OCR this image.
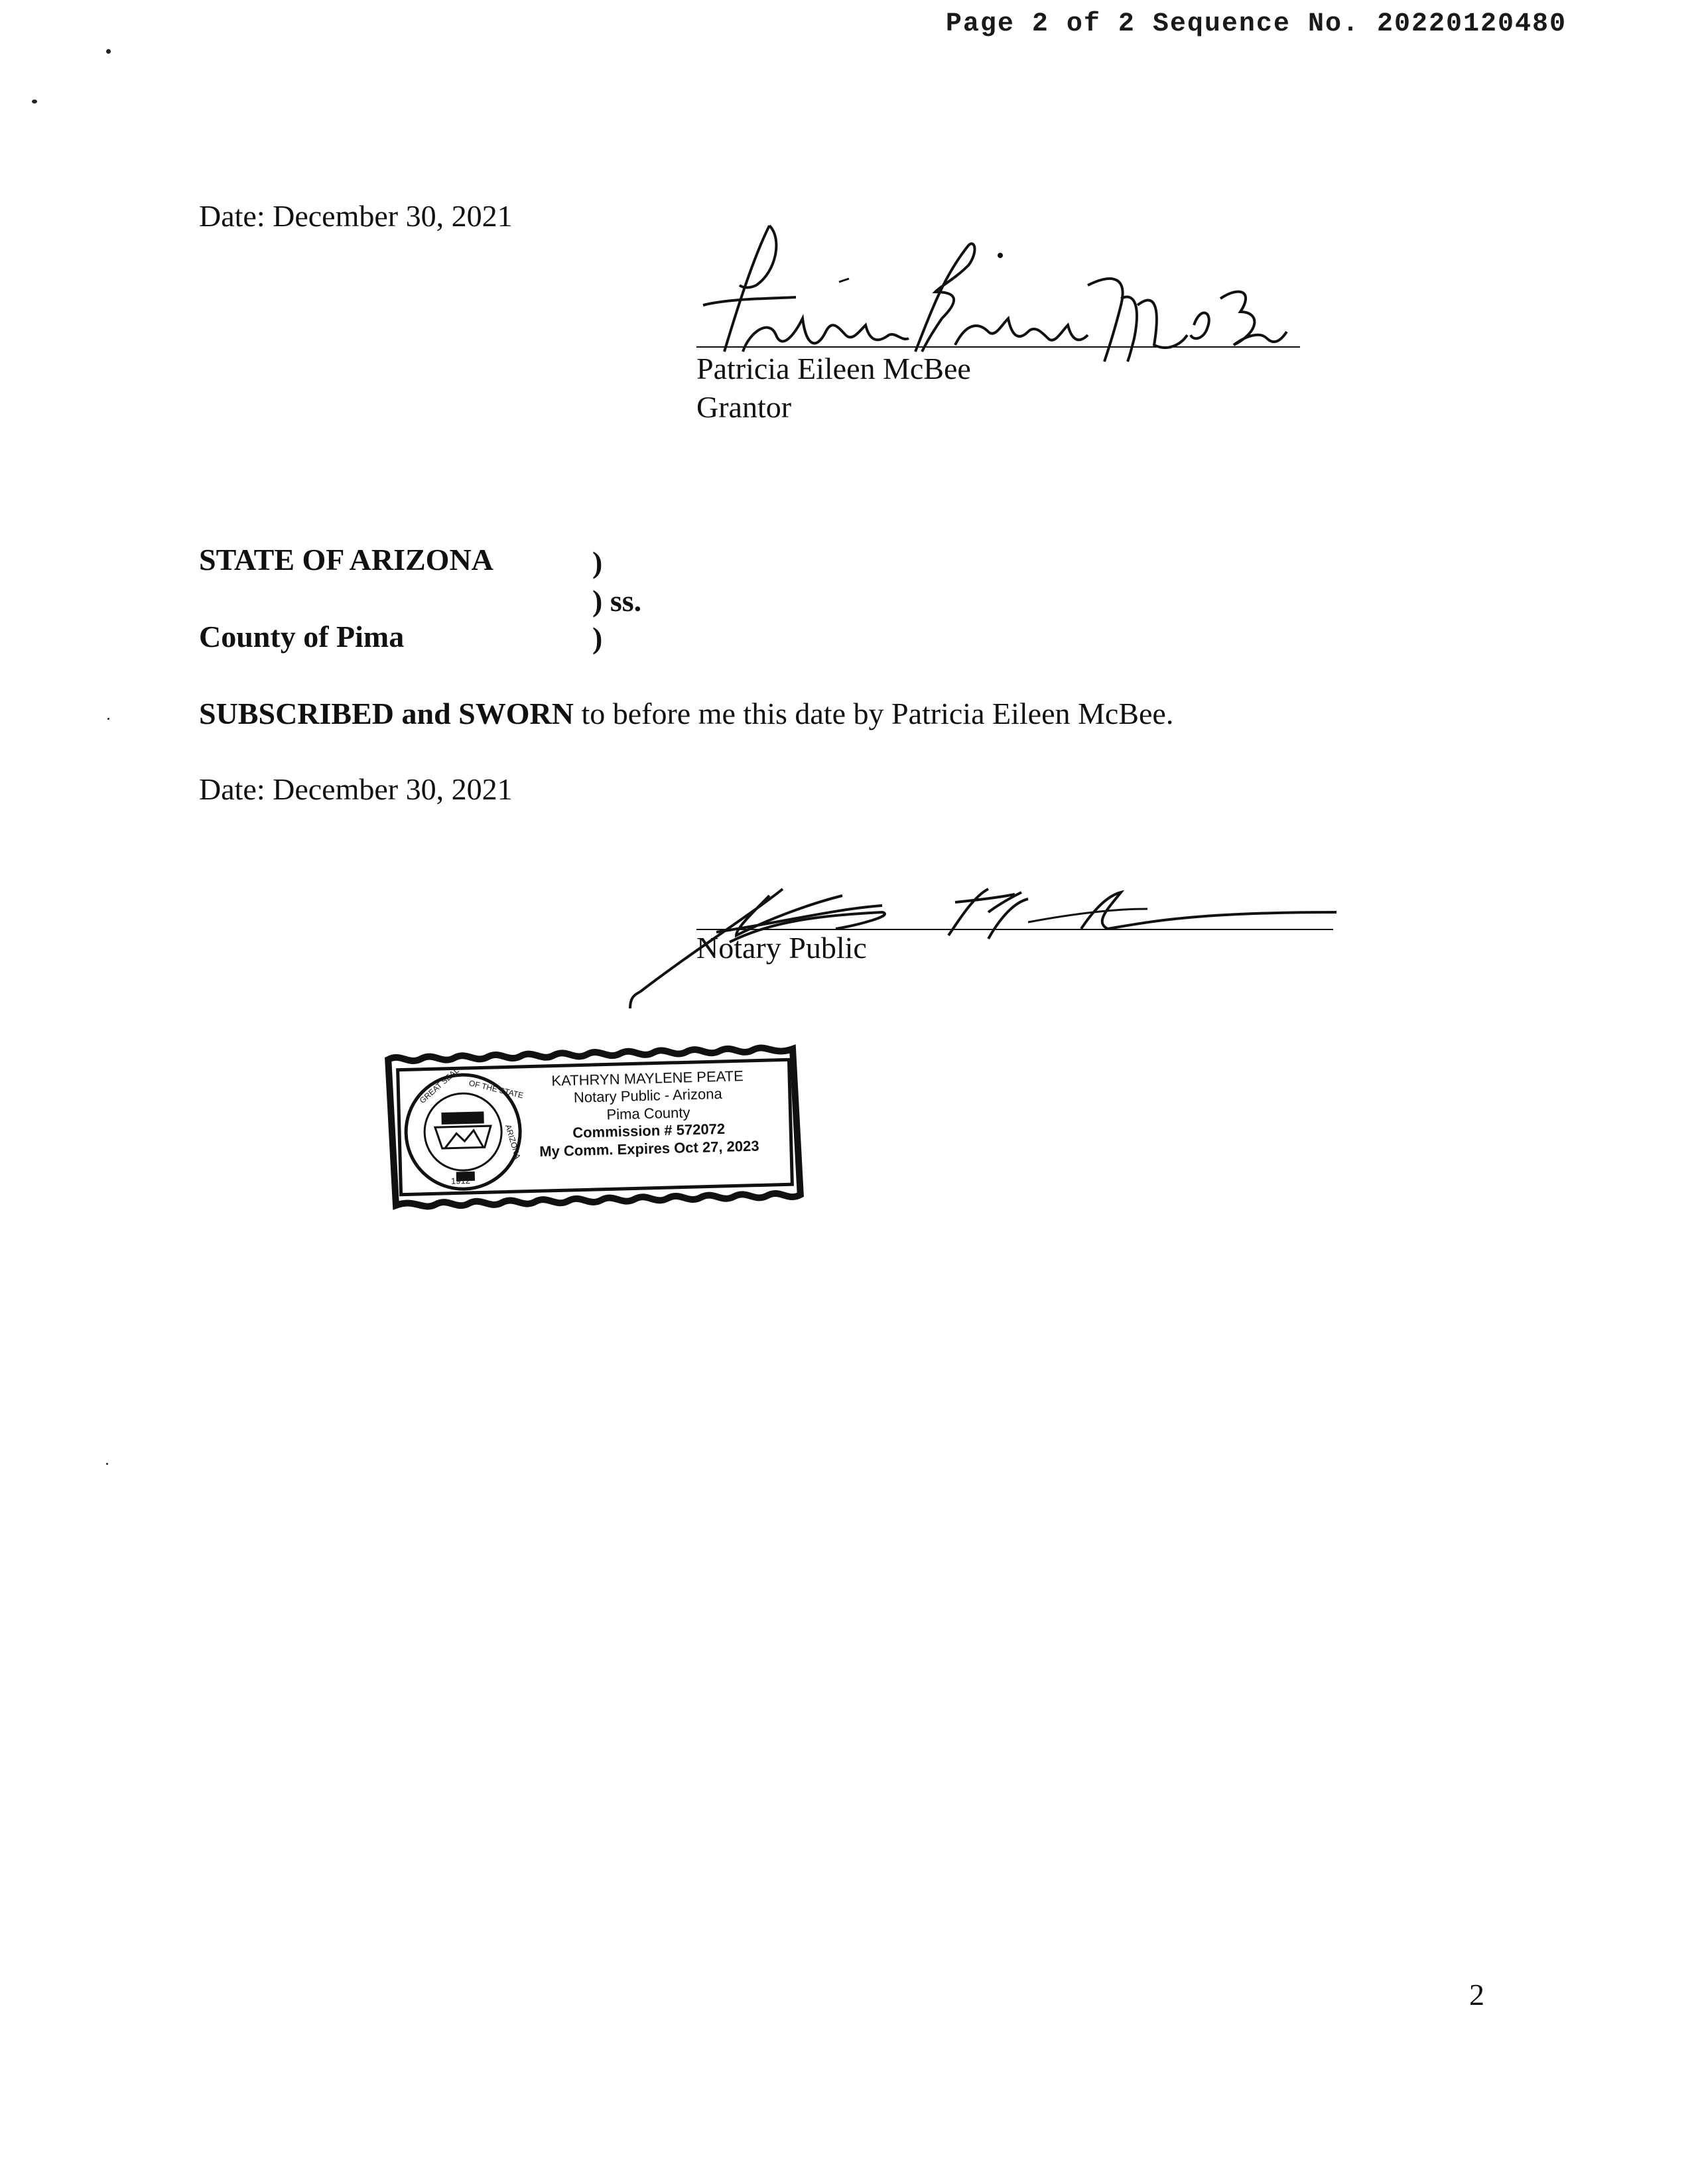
Page 2 of 2 Sequence No. 20220120480
Date: December 30, 2021
Patricia Eileen McBee
Grantor
STATE OF ARIZONA	)
) ss.
County of Pima	)
SUBSCRIBED and SWORN to before me this date by Patricia Eileen McBee.
Date: December 30, 2021
Notary Public
GREAT SEAL OF THE STATE
ARIZONA
1912
KATHRYN MAYLENE PEATE
Notary Public - Arizona
Pima County
Commission # 572072
My Comm. Expires Oct 27, 2023
2
